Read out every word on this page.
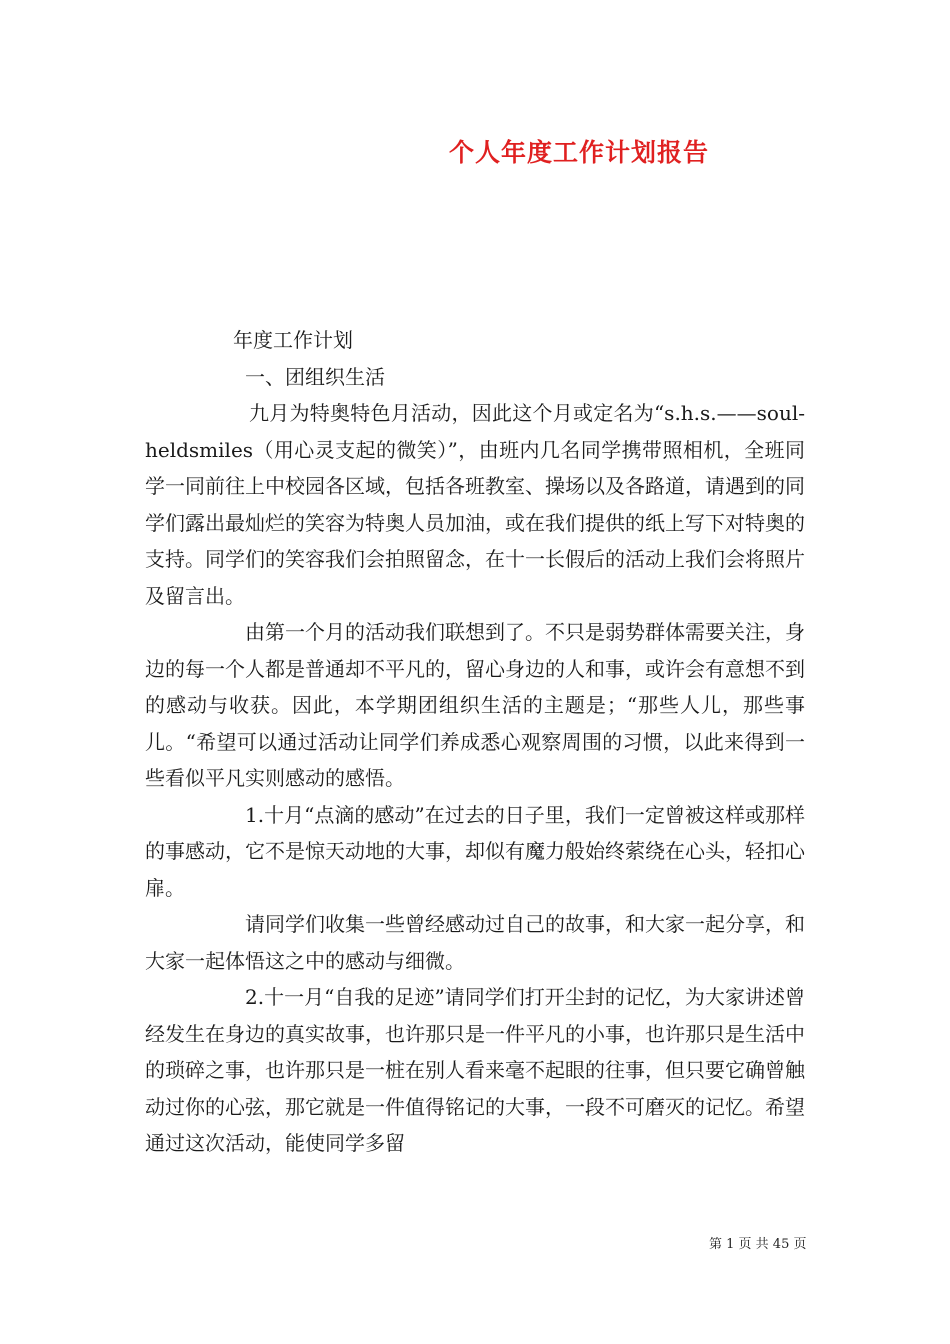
个人年度工作计划报告

年度工作计划

一、团组织生活

九月为特奥特色月活动，因此这个月或定名为“s.h.s.——soul-heldsmiles（用心灵支起的微笑）”，由班内几名同学携带照相机，全班同学一同前往上中校园各区域，包括各班教室、操场以及各路道，请遇到的同学们露出最灿烂的笑容为特奥人员加油，或在我们提供的纸上写下对特奥的支持。同学们的笑容我们会拍照留念，在十一长假后的活动上我们会将照片及留言出。

由第一个月的活动我们联想到了。不只是弱势群体需要关注，身边的每一个人都是普通却不平凡的，留心身边的人和事，或许会有意想不到的感动与收获。因此，本学期团组织生活的主题是；“那些人儿，那些事儿。“希望可以通过活动让同学们养成悉心观察周围的习惯，以此来得到一些看似平凡实则感动的感悟。

1.十月“点滴的感动”在过去的日子里，我们一定曾被这样或那样的事感动，它不是惊天动地的大事，却似有魔力般始终萦绕在心头，轻扣心扉。

请同学们收集一些曾经感动过自己的故事，和大家一起分享，和大家一起体悟这之中的感动与细微。

2.十一月“自我的足迹”请同学们打开尘封的记忆，为大家讲述曾经发生在身边的真实故事，也许那只是一件平凡的小事，也许那只是生活中的琐碎之事，也许那只是一桩在别人看来毫不起眼的往事，但只要它确曾触动过你的心弦，那它就是一件值得铭记的大事，一段不可磨灭的记忆。希望通过这次活动，能使同学多留

第 1 页 共 45 页
